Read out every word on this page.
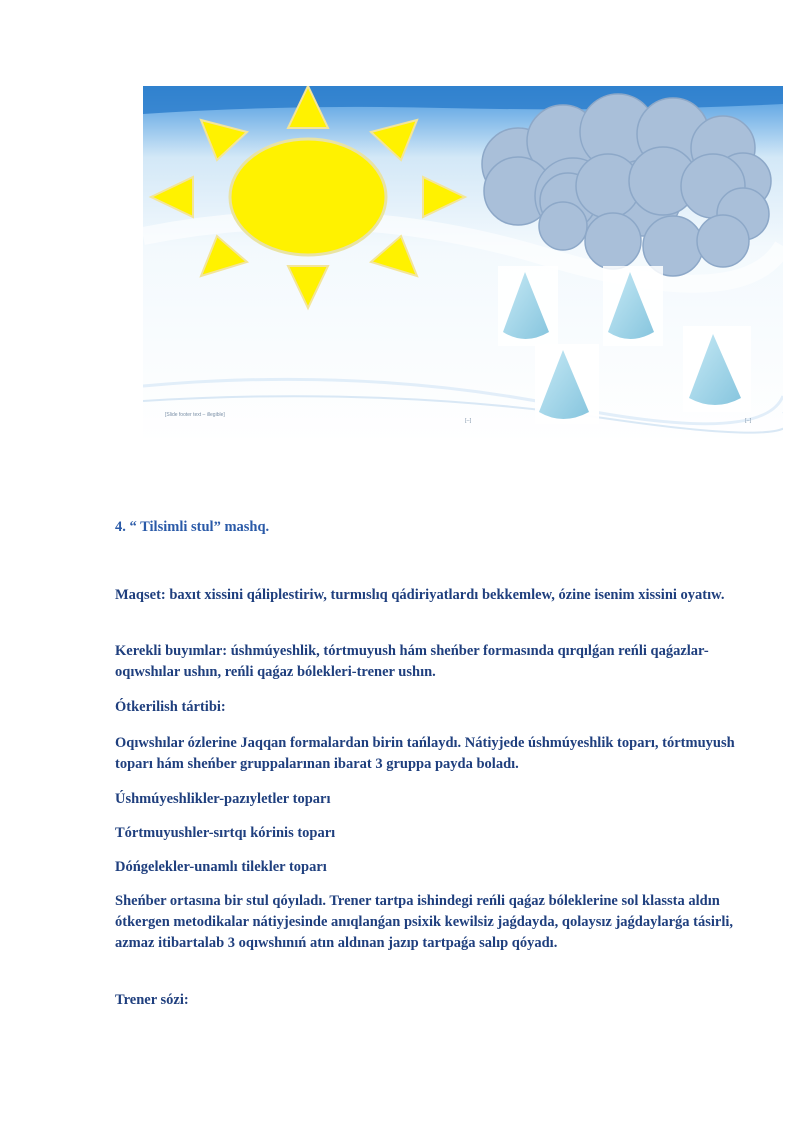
[Slide footer text – illegible]
[--]	[--]

4. “ Tilsimli stul” mashq.

Maqset: baxıt xissini qáliplestiriw, turmıslıq qádiriyatlardı bekkemlew, ózine isenim xissini oyatıw.

Kerekli buyımlar: úshmúyeshlik, tórtmuyush hám sheńber formasında qırqılǵan reńli qaǵazlar-oqıwshılar ushın, reńli qaǵaz bólekleri-trener ushın.

Ótkerilish tártibi:

Oqıwshılar ózlerine Jaqqan formalardan birin tańlaydı. Nátiyjede úshmúyeshlik toparı, tórtmuyush toparı hám sheńber gruppalarınan ibarat 3 gruppa payda boladı.

Úshmúyeshlikler-pazıyletler toparı

Tórtmuyushler-sırtqı kórinis toparı

Dóńgelekler-unamlı tilekler toparı

Sheńber ortasına bir stul qóyıladı. Trener tartpa ishindegi reńli qaǵaz bóleklerine sol klassta aldın ótkergen metodikalar nátiyjesinde anıqlanǵan psixik kewilsiz jaǵdayda, qolaysız jaǵdaylarǵa tásirli, azmaz itibartalab 3 oqıwshınıń atın aldınan jazıp tartpaǵa salıp qóyadı.

Trener sózi:
